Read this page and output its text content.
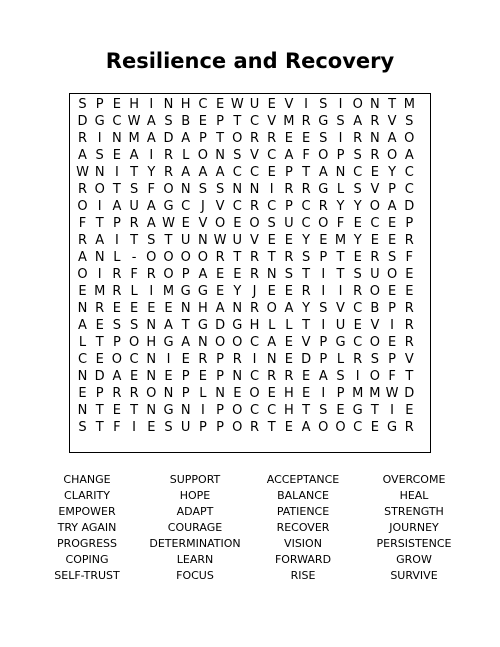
Resilience and Recovery
S P E H I N H C E W U E V I S I O N T M
D G C W A S B E P T C V M R G S A R V S
R I N M A D A P T O R R E E S I R N A O
A S E A I R L O N S V C A F O P S R O A
W N I T Y R A A A C C E P T A N C E Y C
R O T S F O N S S N N I R R G L S V P C
O I A U A G C J V C R C P C R Y Y O A D
F T P R A W E V O E O S U C O F E C E P
R A I T S T U N W U V E E Y E M Y E E R
A N L - O O O O R T R T R S P T E R S F
O I R F R O P A E E R N S T I T S U O E
E M R L I M G G E Y J E E R I	I R O E E
N R E E E E N H A N R O A Y S V C B P R
A E S S N A T G D G H L L T I U E V I R
L T P O H G A N O O C A E V P G C O E R
C E O C N I E R P R I N E D P L R S P V
N D A E N E P E P N C R R E A S I O F T
E P R R O N P L N E O E H E I P M M W D
N T E T N G N I P O C C H T S E G T I E
S T F I E S U P P O R T E A O O C E G R
CHANGE
CLARITY
EMPOWER
TRY AGAIN
PROGRESS
COPING
SELF-TRUST
SUPPORT
HOPE
ADAPT
COURAGE
DETERMINATION
LEARN
FOCUS
ACCEPTANCE
BALANCE
PATIENCE
RECOVER
VISION
FORWARD
RISE
OVERCOME
HEAL
STRENGTH
JOURNEY
PERSISTENCE
GROW
SURVIVE
